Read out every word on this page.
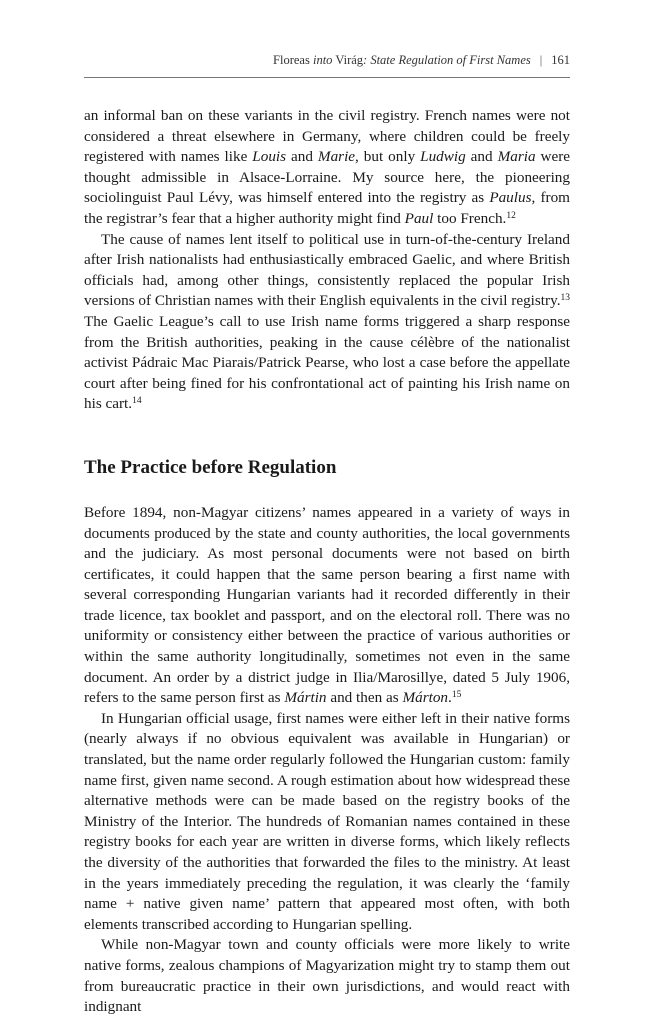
Floreas into Virág: State Regulation of First Names | 161

an informal ban on these variants in the civil registry. French names were not considered a threat elsewhere in Germany, where children could be freely registered with names like Louis and Marie, but only Ludwig and Maria were thought admissible in Alsace-Lorraine. My source here, the pioneering sociolinguist Paul Lévy, was himself entered into the registry as Paulus, from the registrar’s fear that a higher authority might find Paul too French.$^{12}$

The cause of names lent itself to political use in turn-of-the-century Ireland after Irish nationalists had enthusiastically embraced Gaelic, and where British officials had, among other things, consistently replaced the popular Irish versions of Christian names with their English equivalents in the civil registry.$^{13}$ The Gaelic League’s call to use Irish name forms triggered a sharp response from the British authorities, peaking in the cause célèbre of the nationalist activist Pádraic Mac Piarais/Patrick Pearse, who lost a case before the appellate court after being fined for his confrontational act of painting his Irish name on his cart.$^{14}$

The Practice before Regulation

Before 1894, non-Magyar citizens’ names appeared in a variety of ways in documents produced by the state and county authorities, the local governments and the judiciary. As most personal documents were not based on birth certificates, it could happen that the same person bearing a first name with several corresponding Hungarian variants had it recorded differently in their trade licence, tax booklet and passport, and on the electoral roll. There was no uniformity or consistency either between the practice of various authorities or within the same authority longitudinally, sometimes not even in the same document. An order by a district judge in Ilia/Marosillye, dated 5 July 1906, refers to the same person first as Mártin and then as Márton.$^{15}$

In Hungarian official usage, first names were either left in their native forms (nearly always if no obvious equivalent was available in Hungarian) or translated, but the name order regularly followed the Hungarian custom: family name first, given name second. A rough estimation about how widespread these alternative methods were can be made based on the registry books of the Ministry of the Interior. The hundreds of Romanian names contained in these registry books for each year are written in diverse forms, which likely reflects the diversity of the authorities that forwarded the files to the ministry. At least in the years immediately preceding the regulation, it was clearly the ‘family name + native given name’ pattern that appeared most often, with both elements transcribed according to Hungarian spelling.

While non-Magyar town and county officials were more likely to write native forms, zealous champions of Magyarization might try to stamp them out from bureaucratic practice in their own jurisdictions, and would react with indignant
